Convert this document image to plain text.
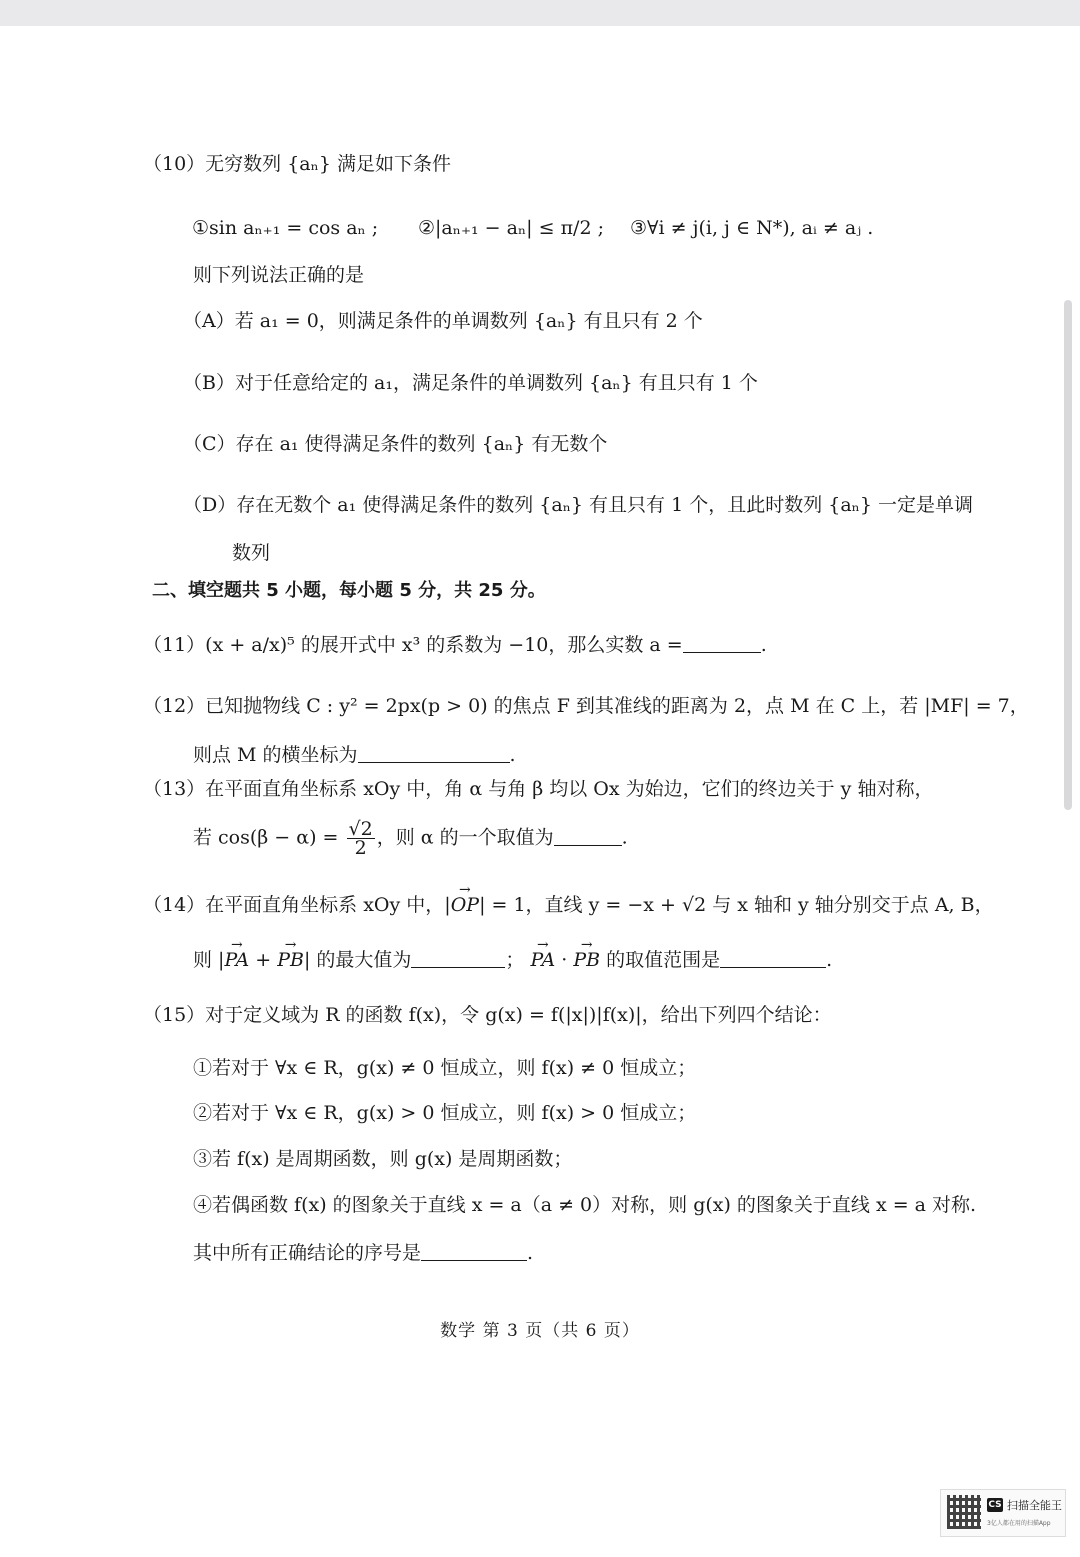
（10）无穷数列 {aₙ} 满足如下条件
①sin aₙ₊₁ = cos aₙ ; ②|aₙ₊₁ − aₙ| ≤ π/2 ; ③∀i ≠ j(i, j ∈ N*), aᵢ ≠ aⱼ .
则下列说法正确的是
（A）若 a₁ = 0，则满足条件的单调数列 {aₙ} 有且只有 2 个
（B）对于任意给定的 a₁，满足条件的单调数列 {aₙ} 有且只有 1 个
（C）存在 a₁ 使得满足条件的数列 {aₙ} 有无数个
（D）存在无数个 a₁ 使得满足条件的数列 {aₙ} 有且只有 1 个，且此时数列 {aₙ} 一定是单调
数列
二、填空题共 5 小题，每小题 5 分，共 25 分。
（11）(x + a/x)⁵ 的展开式中 x³ 的系数为 −10，那么实数 a =	.
（12）已知抛物线 C : y² = 2px(p > 0) 的焦点 F 到其准线的距离为 2，点 M 在 C 上，若 |MF| = 7，
则点 M 的横坐标为	.
（13）在平面直角坐标系 xOy 中，角 α 与角 β 均以 Ox 为始边，它们的终边关于 y 轴对称，
若 $\cos(\beta - \alpha) = \frac{√2}{2}$ ，则 α 的一个取值为	.
（14）在平面直角坐标系 xOy 中，|→ OP| = 1，直线 y = −x + √2 与 x 轴和 y 轴分别交于点 A, B，
则 |→ PA + → PB| 的最大值为	； → PA · → PB 的取值范围是	.
（15）对于定义域为 R 的函数 f(x)，令 g(x) = f(|x|)|f(x)|，给出下列四个结论：
①若对于 ∀x ∈ R，g(x) ≠ 0 恒成立，则 f(x) ≠ 0 恒成立；
②若对于 ∀x ∈ R，g(x) > 0 恒成立，则 f(x) > 0 恒成立；
③若 f(x) 是周期函数，则 g(x) 是周期函数；
④若偶函数 f(x) 的图象关于直线 x = a（a ≠ 0）对称，则 g(x) 的图象关于直线 x = a 对称.
其中所有正确结论的序号是	.
数学 第 3 页（共 6 页）
CS 扫描全能王
3亿人都在用的扫描App
